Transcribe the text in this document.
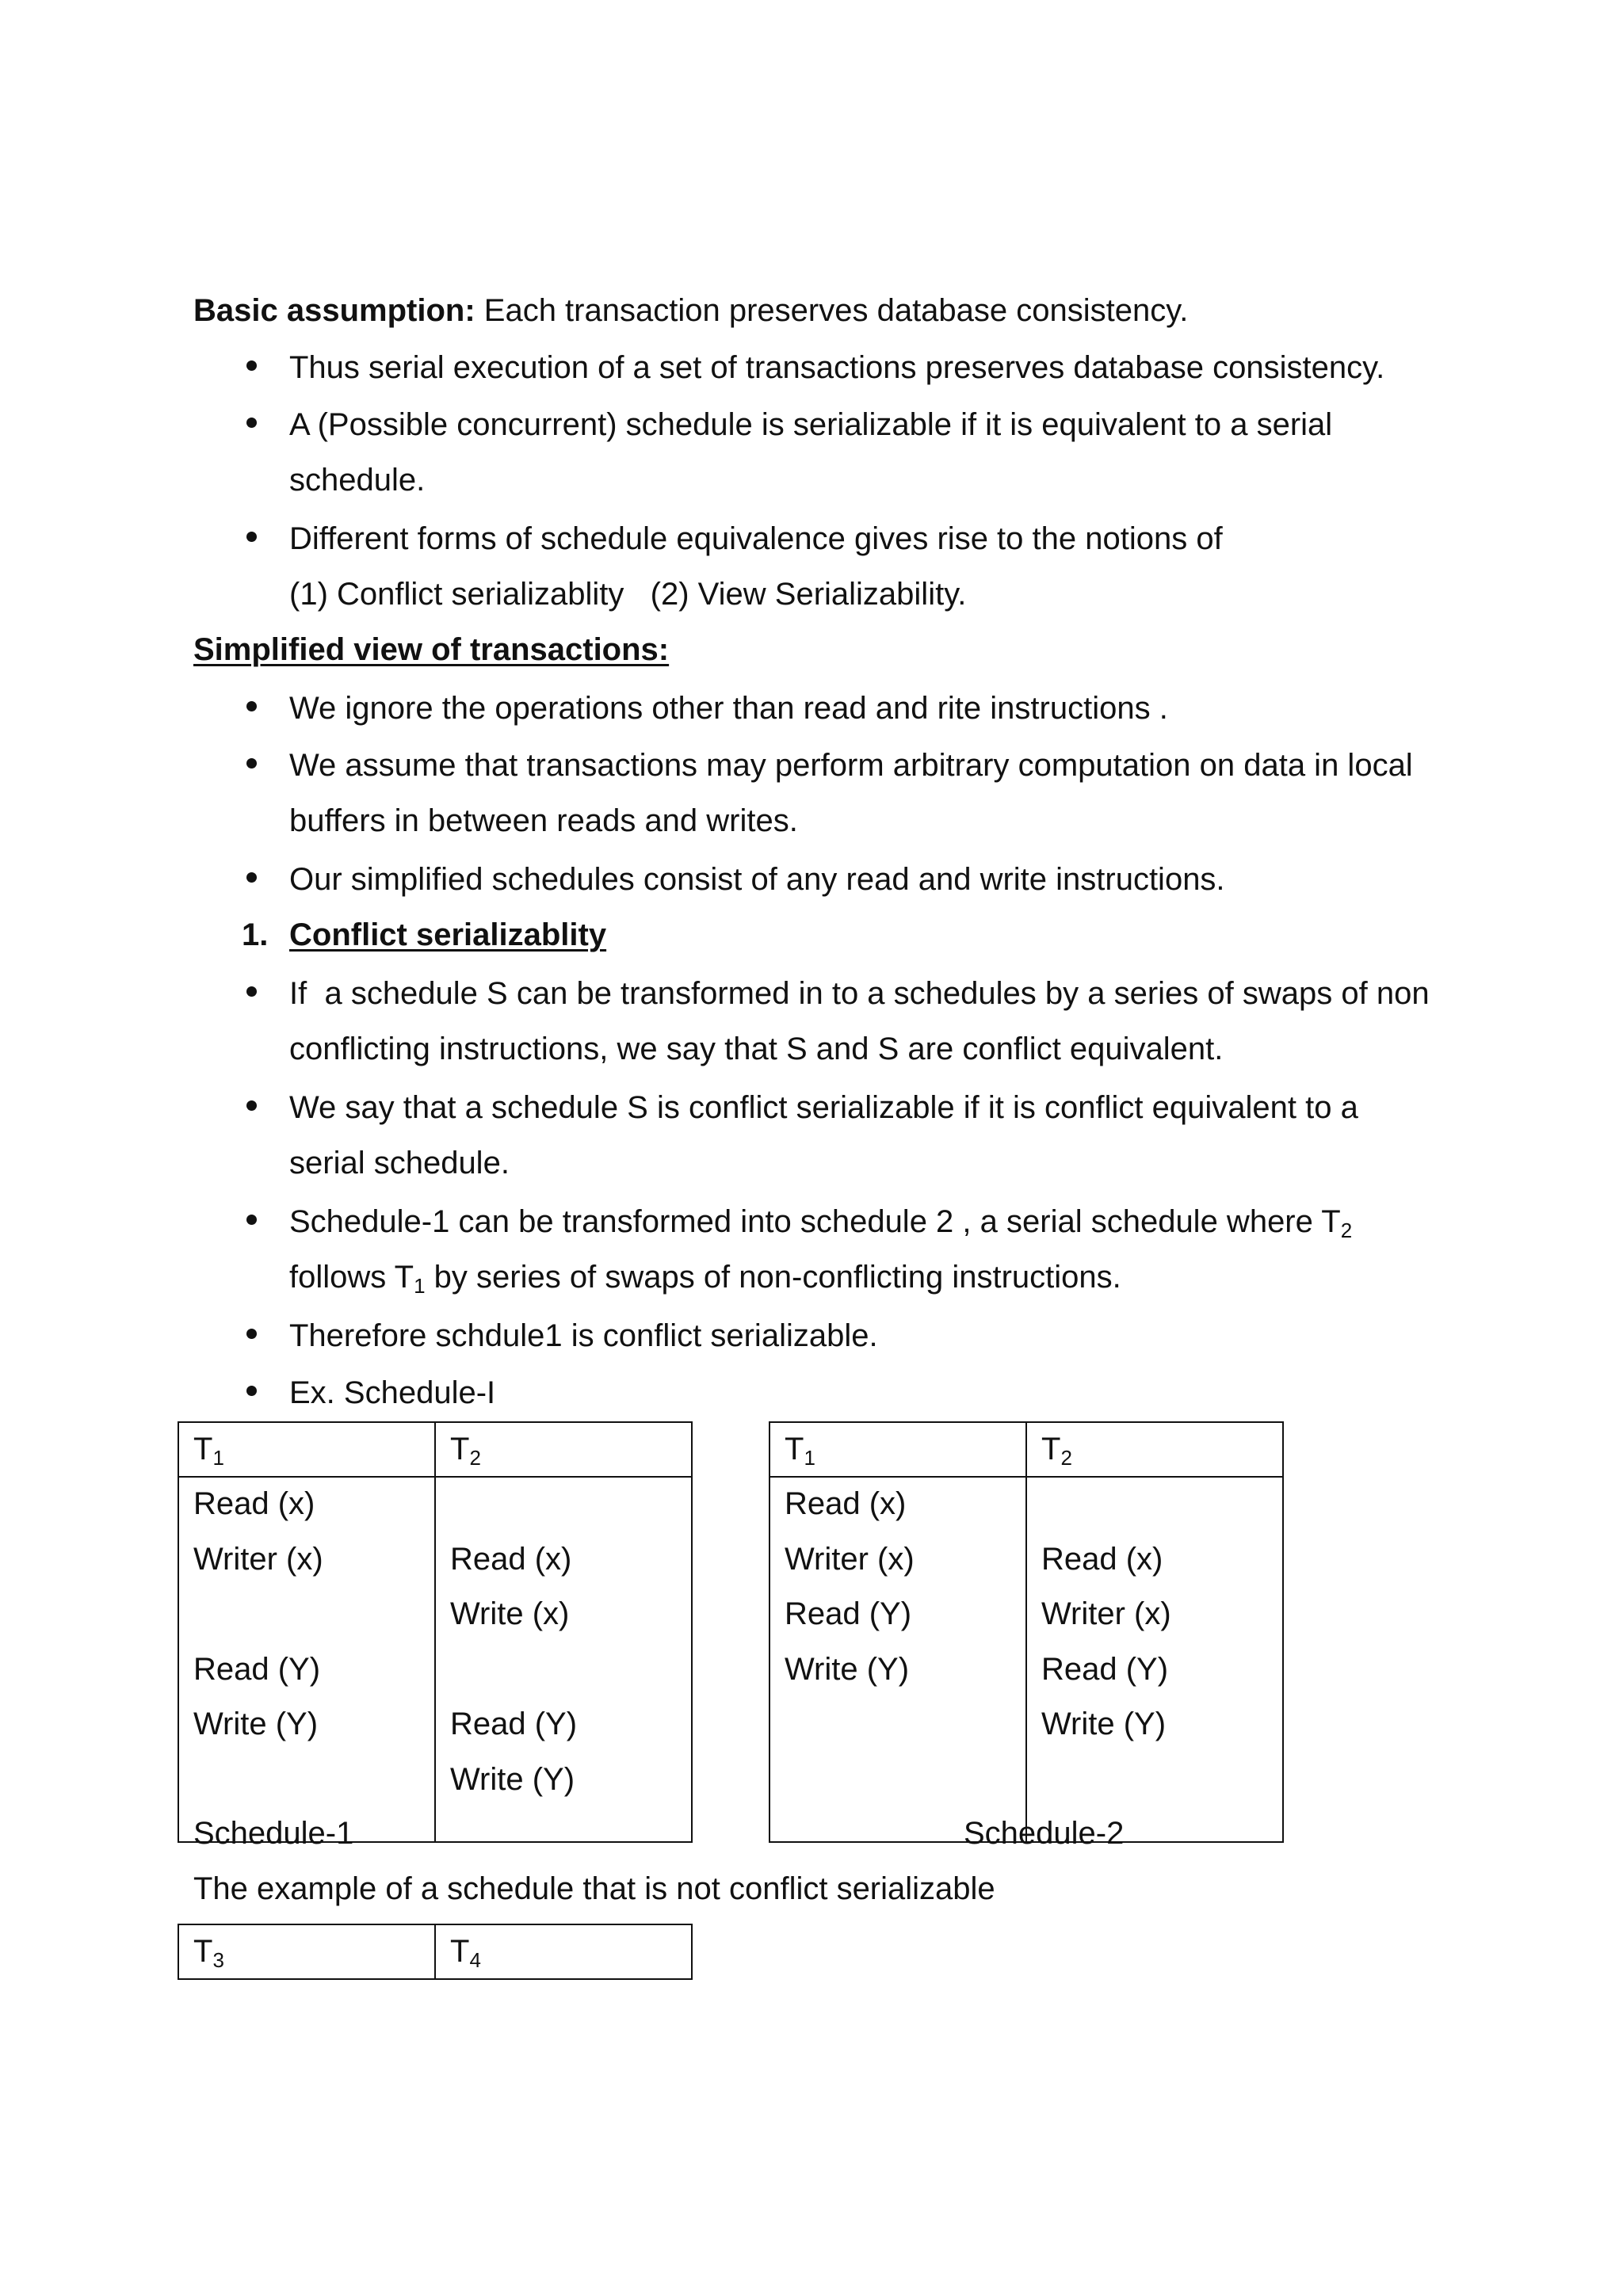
Basic assumption: Each transaction preserves database consistency.
Thus serial execution of a set of transactions preserves database consistency.
A (Possible concurrent) schedule is serializable if it is equivalent to a serial
schedule.
Different forms of schedule equivalence gives rise to the notions of
(1) Conflict serializablity   (2) View Serializability.
Simplified view of transactions:
We ignore the operations other than read and rite instructions .
We assume that transactions may perform arbitrary computation on data in local
buffers in between reads and writes.
Our simplified schedules consist of any read and write instructions.
1. Conflict serializablity
If  a schedule S can be transformed in to a schedules by a series of swaps of non
conflicting instructions, we say that S and S are conflict equivalent.
We say that a schedule S is conflict serializable if it is conflict equivalent to a
serial schedule.
Schedule-1 can be transformed into schedule 2 , a serial schedule where $T_2$
follows $T_1$ by series of swaps of non-conflicting instructions.
Therefore schdule1 is conflict serializable.
Ex. Schedule-I
$T_1$	$T_2$

Read (x)	

Writer (x)	Read (x)

	Write (x)

Read (Y)	

Write (Y)	Read (Y)

	Write (Y)

$T_1$	$T_2$

Read (x)	

Writer (x)	Read (x)

Read (Y)	Writer (x)

Write (Y)	Read (Y)

	Write (Y)

Schedule-1	Schedule-2
The example of a schedule that is not conflict serializable
$T_3$	$T_4$
